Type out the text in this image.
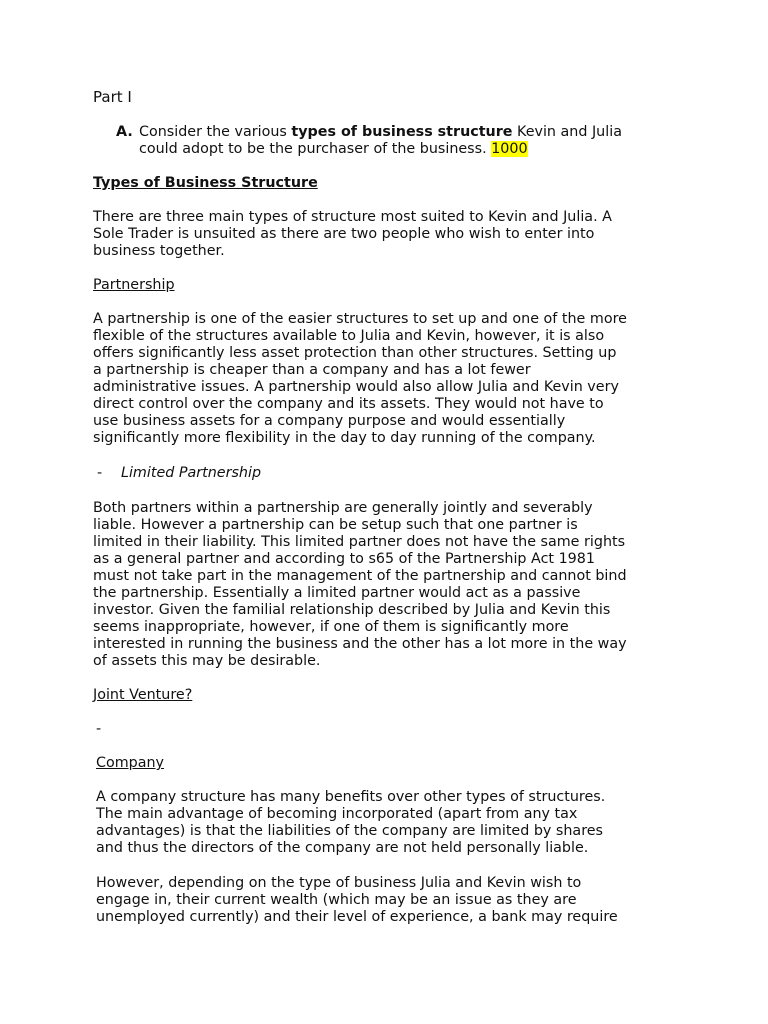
Part I

A. Consider the various types of business structure Kevin and Julia
could adopt to be the purchaser of the business. 1000

Types of Business Structure

There are three main types of structure most suited to Kevin and Julia. A
Sole Trader is unsuited as there are two people who wish to enter into
business together.

Partnership

A partnership is one of the easier structures to set up and one of the more
flexible of the structures available to Julia and Kevin, however, it is also
offers significantly less asset protection than other structures. Setting up
a partnership is cheaper than a company and has a lot fewer
administrative issues. A partnership would also allow Julia and Kevin very
direct control over the company and its assets. They would not have to
use business assets for a company purpose and would essentially
significantly more flexibility in the day to day running of the company.

- Limited Partnership

Both partners within a partnership are generally jointly and severably
liable. However a partnership can be setup such that one partner is
limited in their liability. This limited partner does not have the same rights
as a general partner and according to s65 of the Partnership Act 1981
must not take part in the management of the partnership and cannot bind
the partnership. Essentially a limited partner would act as a passive
investor. Given the familial relationship described by Julia and Kevin this
seems inappropriate, however, if one of them is significantly more
interested in running the business and the other has a lot more in the way
of assets this may be desirable.

Joint Venture?

-

Company

A company structure has many benefits over other types of structures.
The main advantage of becoming incorporated (apart from any tax
advantages) is that the liabilities of the company are limited by shares
and thus the directors of the company are not held personally liable.
However, depending on the type of business Julia and Kevin wish to
engage in, their current wealth (which may be an issue as they are
unemployed currently) and their level of experience, a bank may require
